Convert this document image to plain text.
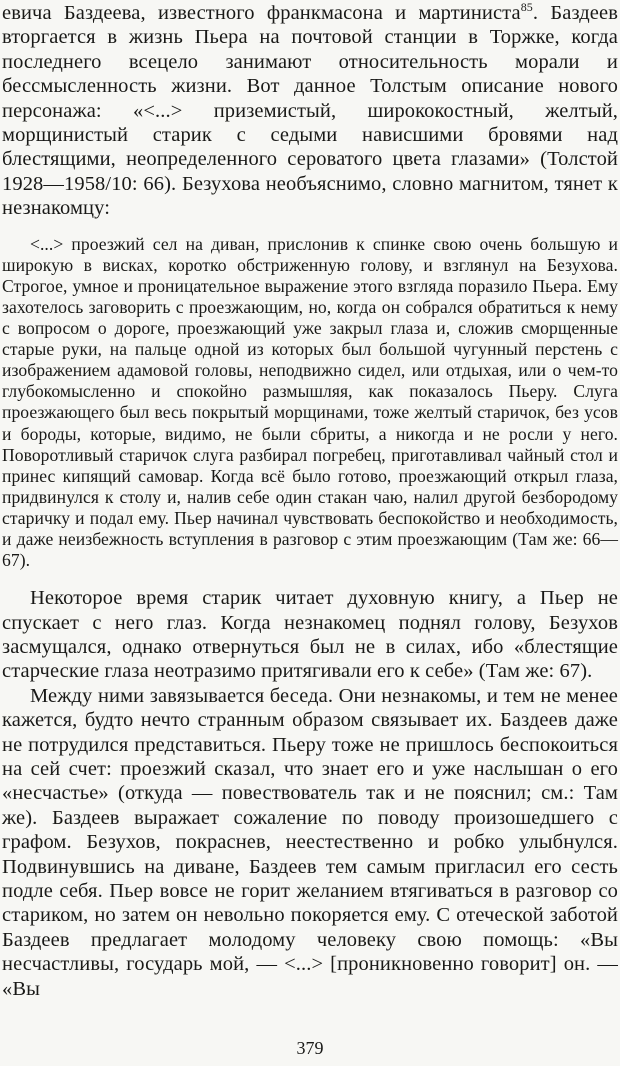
евича Баздеева, известного франкмасона и мартиниста$^{85}$. Баздеев вторгается в жизнь Пьера на почтовой станции в Торжке, когда последнего всецело занимают относительность морали и бессмысленность жизни. Вот данное Толстым описание нового персонажа: «<...> приземистый, ширококостный, желтый, морщинистый старик с седыми нависшими бровями над блестящими, неопределенного сероватого цвета глазами» (Толстой 1928—1958/10: 66). Безухова необъяснимо, словно магнитом, тянет к незнакомцу:

<...> проезжий сел на диван, прислонив к спинке свою очень большую и широкую в висках, коротко обстриженную голову, и взглянул на Безухова. Строгое, умное и проницательное выражение этого взгляда поразило Пьера. Ему захотелось заговорить с проезжающим, но, когда он собрался обратиться к нему с вопросом о дороге, проезжающий уже закрыл глаза и, сложив сморщенные старые руки, на пальце одной из которых был большой чугунный перстень с изображением адамовой головы, неподвижно сидел, или отдыхая, или о чем-то глубокомысленно и спокойно размышляя, как показалось Пьеру. Слуга проезжающего был весь покрытый морщинами, тоже желтый старичок, без усов и бороды, которые, видимо, не были сбриты, а никогда и не росли у него. Поворотливый старичок слуга разбирал погребец, приготавливал чайный стол и принес кипящий самовар. Когда всё было готово, проезжающий открыл глаза, придвинулся к столу и, налив себе один стакан чаю, налил другой безбородому старичку и подал ему. Пьер начинал чувствовать беспокойство и необходимость, и даже неизбежность вступления в разговор с этим проезжающим (Там же: 66—67).

Некоторое время старик читает духовную книгу, а Пьер не спускает с него глаз. Когда незнакомец поднял голову, Безухов засмущался, однако отвернуться был не в силах, ибо «блестящие старческие глаза неотразимо притягивали его к себе» (Там же: 67).

Между ними завязывается беседа. Они незнакомы, и тем не менее кажется, будто нечто странным образом связывает их. Баздеев даже не потрудился представиться. Пьеру тоже не пришлось беспокоиться на сей счет: проезжий сказал, что знает его и уже наслышан о его «несчастье» (откуда — повествователь так и не пояснил; см.: Там же). Баздеев выражает сожаление по поводу произошедшего с графом. Безухов, покраснев, неестественно и робко улыбнулся. Подвинувшись на диване, Баздеев тем самым пригласил его сесть подле себя. Пьер вовсе не горит желанием втягиваться в разговор со стариком, но затем он невольно покоряется ему. С отеческой заботой Баздеев предлагает молодому человеку свою помощь: «Вы несчастливы, государь мой, — <...> [проникновенно говорит] он. — «Вы

379
